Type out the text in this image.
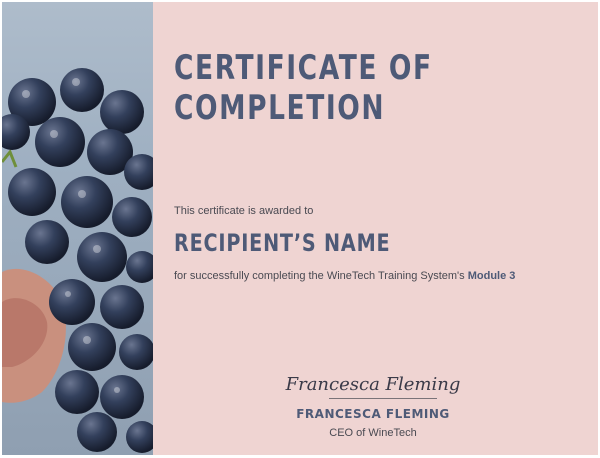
CERTIFICATE OF COMPLETION
This certificate is awarded to
RECIPIENT’S NAME
for successfully completing the WineTech Training System's Module 3
Francesca Fleming
FRANCESCA FLEMING
CEO of WineTech
